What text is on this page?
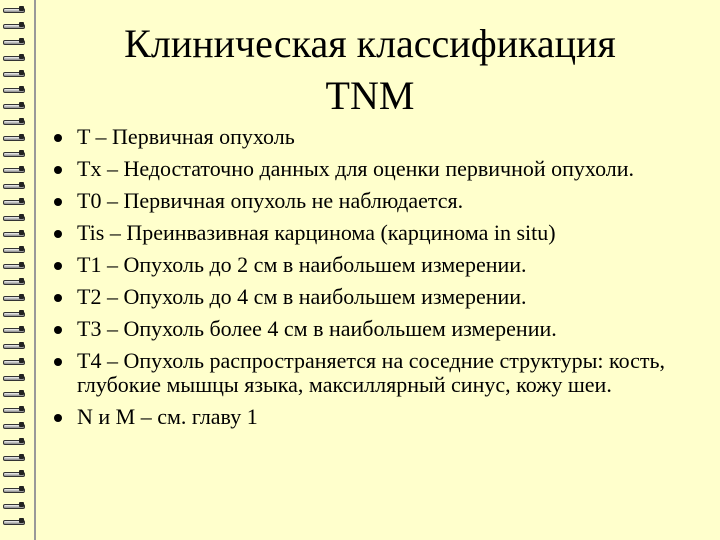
Клиническая классификация
TNM
T – Первичная опухоль
Tx – Недостаточно данных для оценки первичной опухоли.
T0 – Первичная опухоль не наблюдается.
Tis – Преинвазивная карцинома (карцинома in situ)
T1 – Опухоль до 2 см в наибольшем измерении.
T2 – Опухоль до 4 см в наибольшем измерении.
T3 – Опухоль более 4 см в наибольшем измерении.
T4 – Опухоль распространяется на соседние структуры: кость, глубокие мышцы языка, максиллярный синус, кожу шеи.
N и M – см. главу 1
